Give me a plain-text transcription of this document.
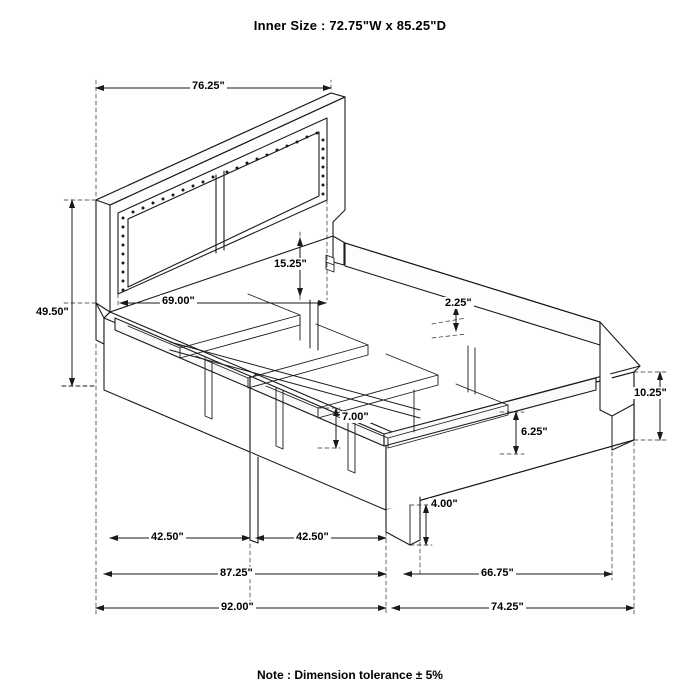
Inner Size : 72.75"W x 85.25"D
76.25"
49.50"
15.25"
69.00"	2.25"
10.25"
7.00"
6.25"
4.00"
42.50"	42.50"
87.25"	66.75"
92.00"	74.25"
Note : Dimension tolerance ± 5%
